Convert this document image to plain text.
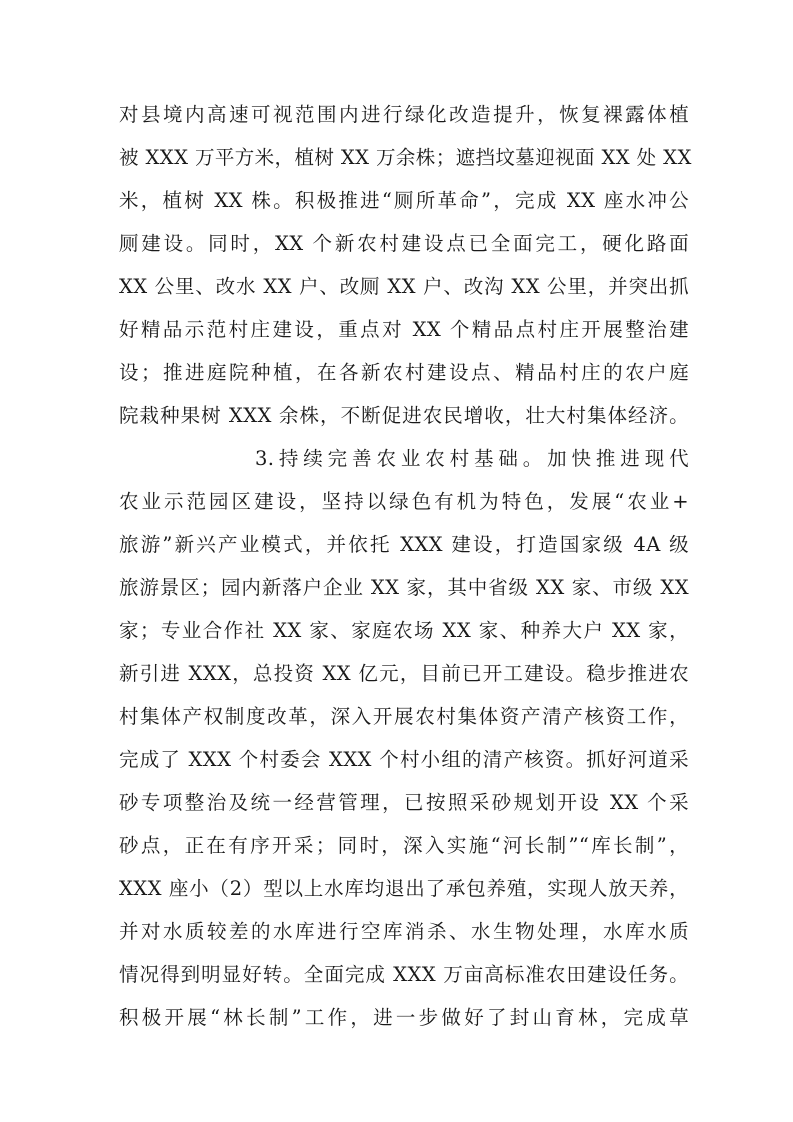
对县境内高速可视范围内进行绿化改造提升，恢复裸露体植
被 XXX 万平方米，植树 XX 万余株；遮挡坟墓迎视面 XX 处 XX
米，植树 XX 株。积极推进“厕所革命”，完成 XX 座水冲公
厕建设。同时，XX 个新农村建设点已全面完工，硬化路面
XX 公里、改水 XX 户、改厕 XX 户、改沟 XX 公里，并突出抓
好精品示范村庄建设，重点对 XX 个精品点村庄开展整治建
设；推进庭院种植，在各新农村建设点、精品村庄的农户庭
院栽种果树 XXX 余株，不断促进农民增收，壮大村集体经济。
3.持续完善农业农村基础。加快推进现代
农业示范园区建设，坚持以绿色有机为特色，发展“农业+
旅游”新兴产业模式，并依托 XXX 建设，打造国家级 4A 级
旅游景区；园内新落户企业 XX 家，其中省级 XX 家、市级 XX
家；专业合作社 XX 家、家庭农场 XX 家、种养大户 XX 家，
新引进 XXX，总投资 XX 亿元，目前已开工建设。稳步推进农
村集体产权制度改革，深入开展农村集体资产清产核资工作，
完成了 XXX 个村委会 XXX 个村小组的清产核资。抓好河道采
砂专项整治及统一经营管理，已按照采砂规划开设 XX 个采
砂点，正在有序开采；同时，深入实施“河长制”“库长制”，
XXX 座小（2）型以上水库均退出了承包养殖，实现人放天养，
并对水质较差的水库进行空库消杀、水生物处理，水库水质
情况得到明显好转。全面完成 XXX 万亩高标准农田建设任务。
积极开展“林长制”工作，进一步做好了封山育林，完成草
